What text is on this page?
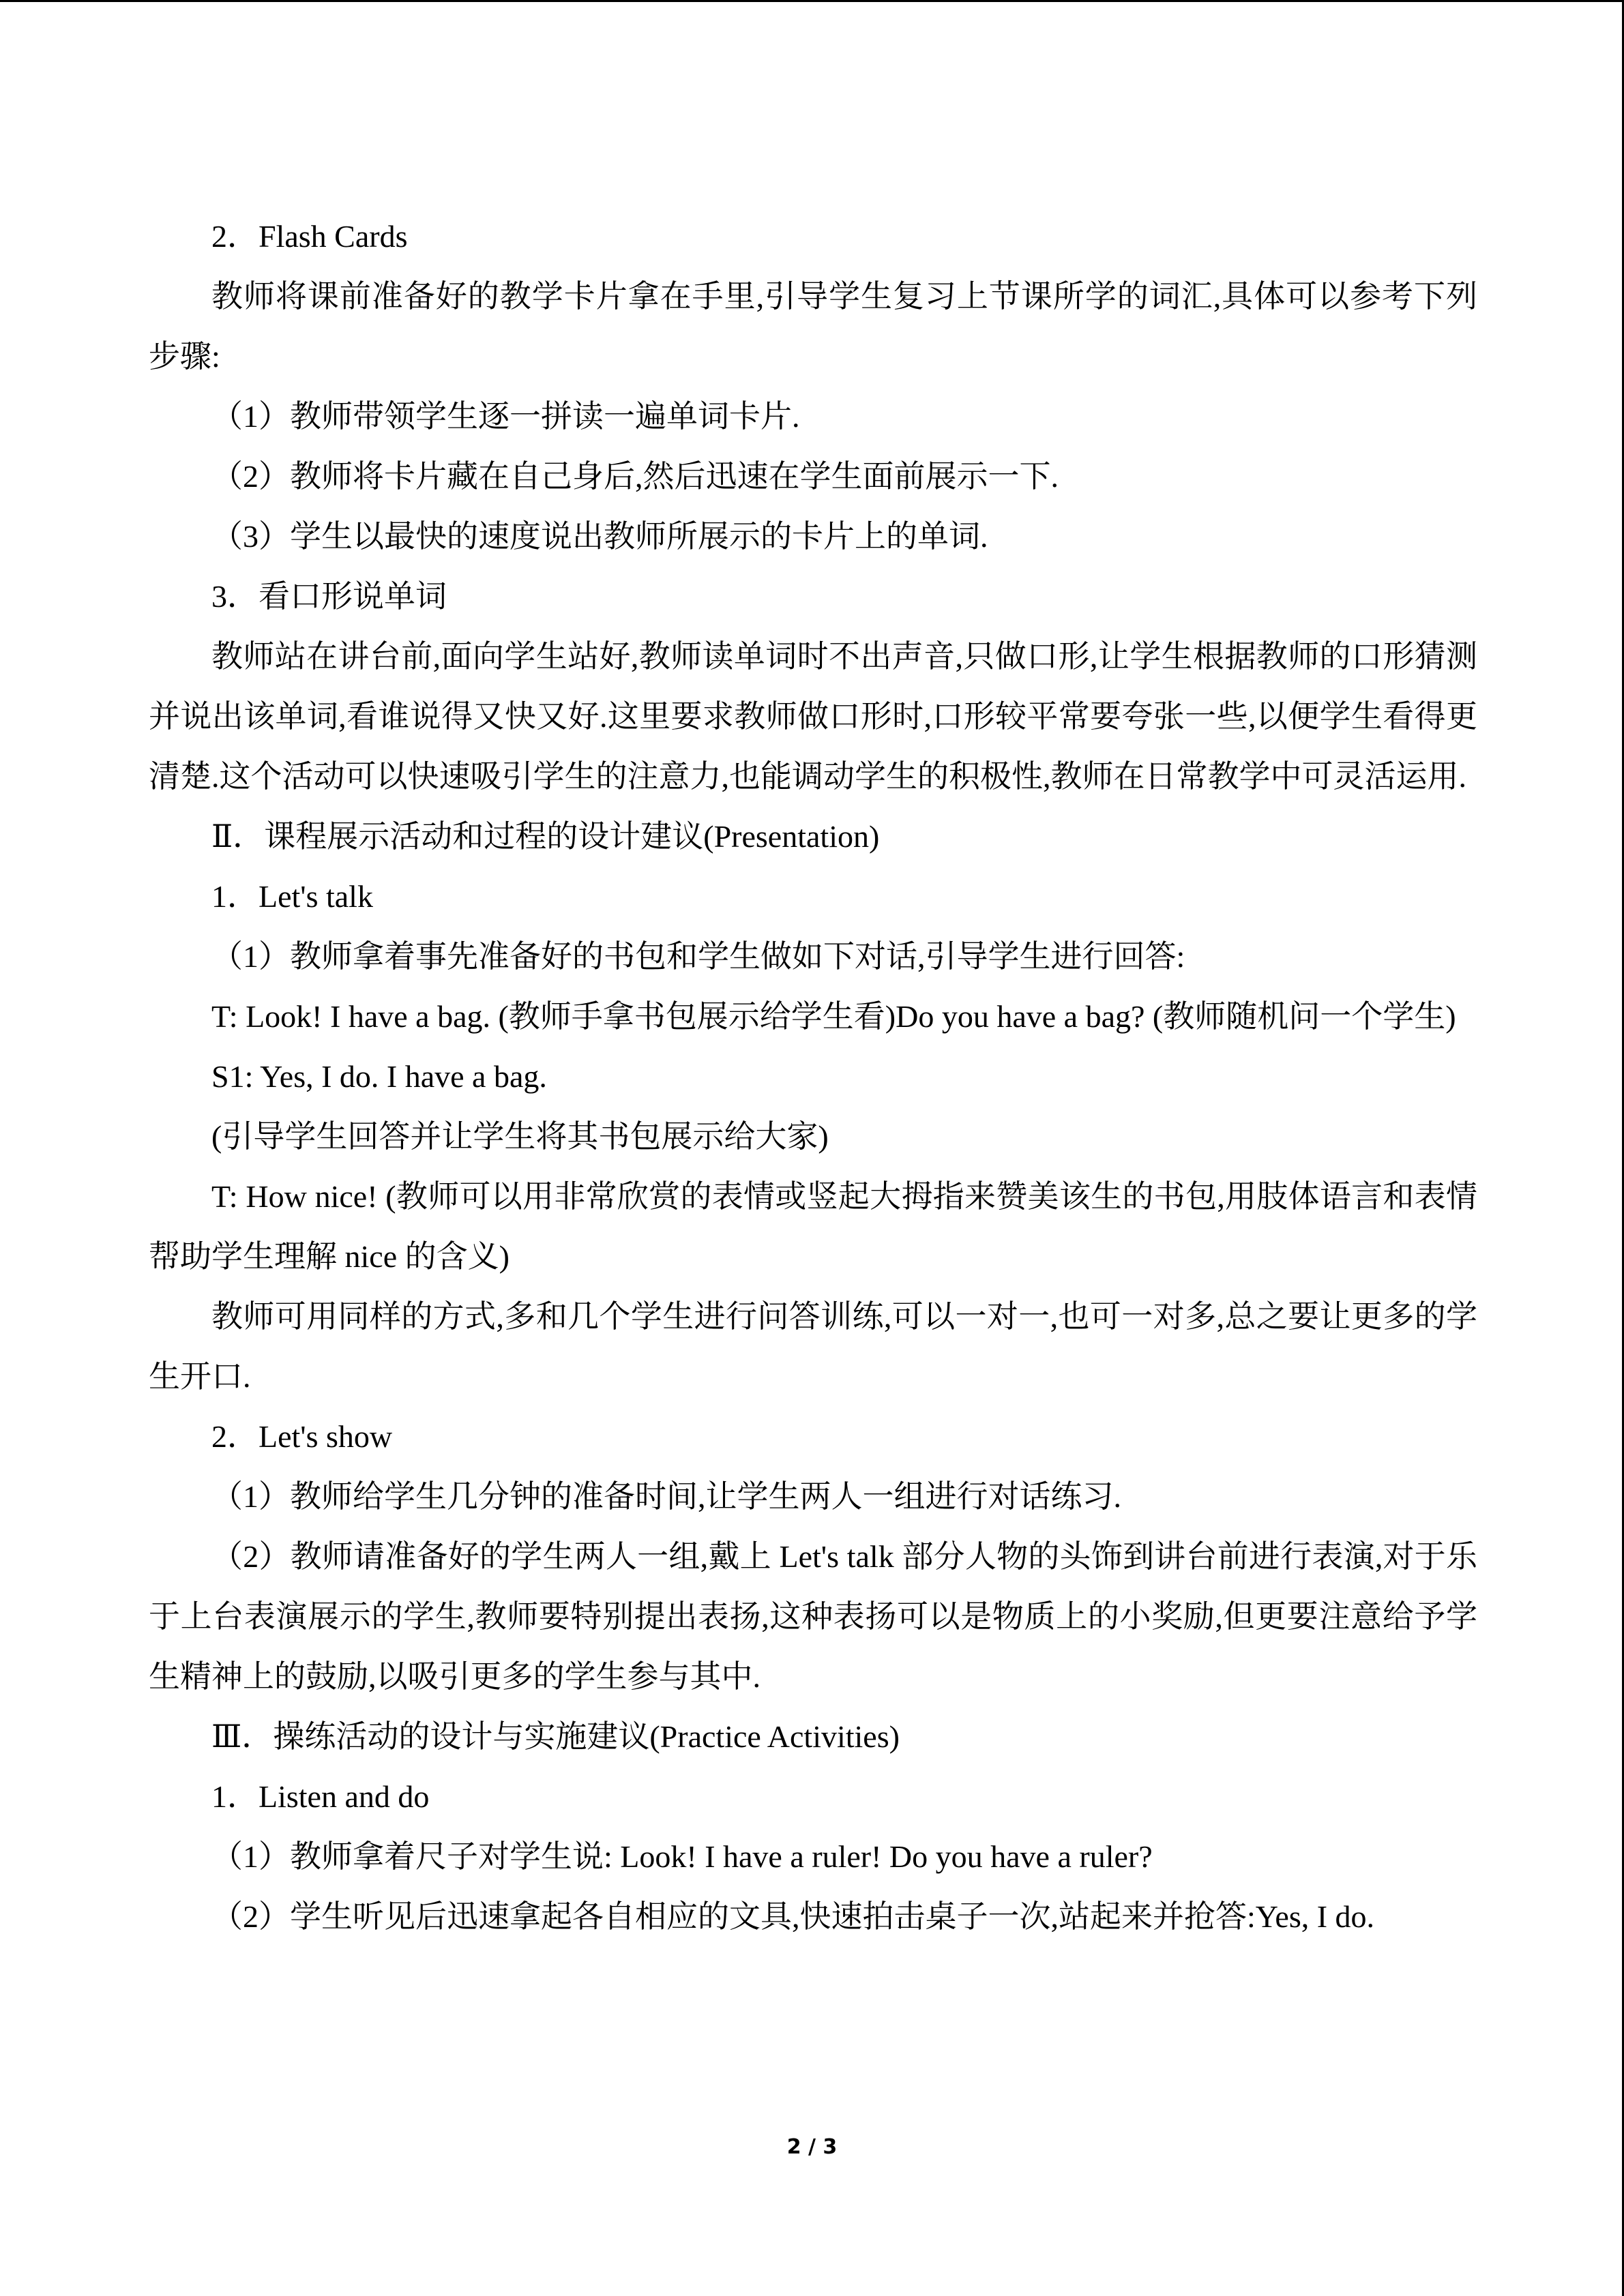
2．Flash Cards

教师将课前准备好的教学卡片拿在手里,引导学生复习上节课所学的词汇,具体可以参考下列步骤:

（1）教师带领学生逐一拼读一遍单词卡片.

（2）教师将卡片藏在自己身后,然后迅速在学生面前展示一下.

（3）学生以最快的速度说出教师所展示的卡片上的单词.

3．看口形说单词

教师站在讲台前,面向学生站好,教师读单词时不出声音,只做口形,让学生根据教师的口形猜测并说出该单词,看谁说得又快又好.这里要求教师做口形时,口形较平常要夸张一些,以便学生看得更清楚.这个活动可以快速吸引学生的注意力,也能调动学生的积极性,教师在日常教学中可灵活运用.

Ⅱ．课程展示活动和过程的设计建议(Presentation)

1．Let's talk

（1）教师拿着事先准备好的书包和学生做如下对话,引导学生进行回答:

T: Look! I have a bag. (教师手拿书包展示给学生看)Do you have a bag? (教师随机问一个学生)

S1: Yes, I do. I have a bag.

(引导学生回答并让学生将其书包展示给大家)

T: How nice! (教师可以用非常欣赏的表情或竖起大拇指来赞美该生的书包,用肢体语言和表情帮助学生理解 nice 的含义)

教师可用同样的方式,多和几个学生进行问答训练,可以一对一,也可一对多,总之要让更多的学生开口.

2．Let's show

（1）教师给学生几分钟的准备时间,让学生两人一组进行对话练习.

（2）教师请准备好的学生两人一组,戴上 Let's talk 部分人物的头饰到讲台前进行表演,对于乐于上台表演展示的学生,教师要特别提出表扬,这种表扬可以是物质上的小奖励,但更要注意给予学生精神上的鼓励,以吸引更多的学生参与其中.

Ⅲ．操练活动的设计与实施建议(Practice Activities)

1．Listen and do

（1）教师拿着尺子对学生说: Look! I have a ruler! Do you have a ruler?

（2）学生听见后迅速拿起各自相应的文具,快速拍击桌子一次,站起来并抢答:Yes, I do.

2 / 3
